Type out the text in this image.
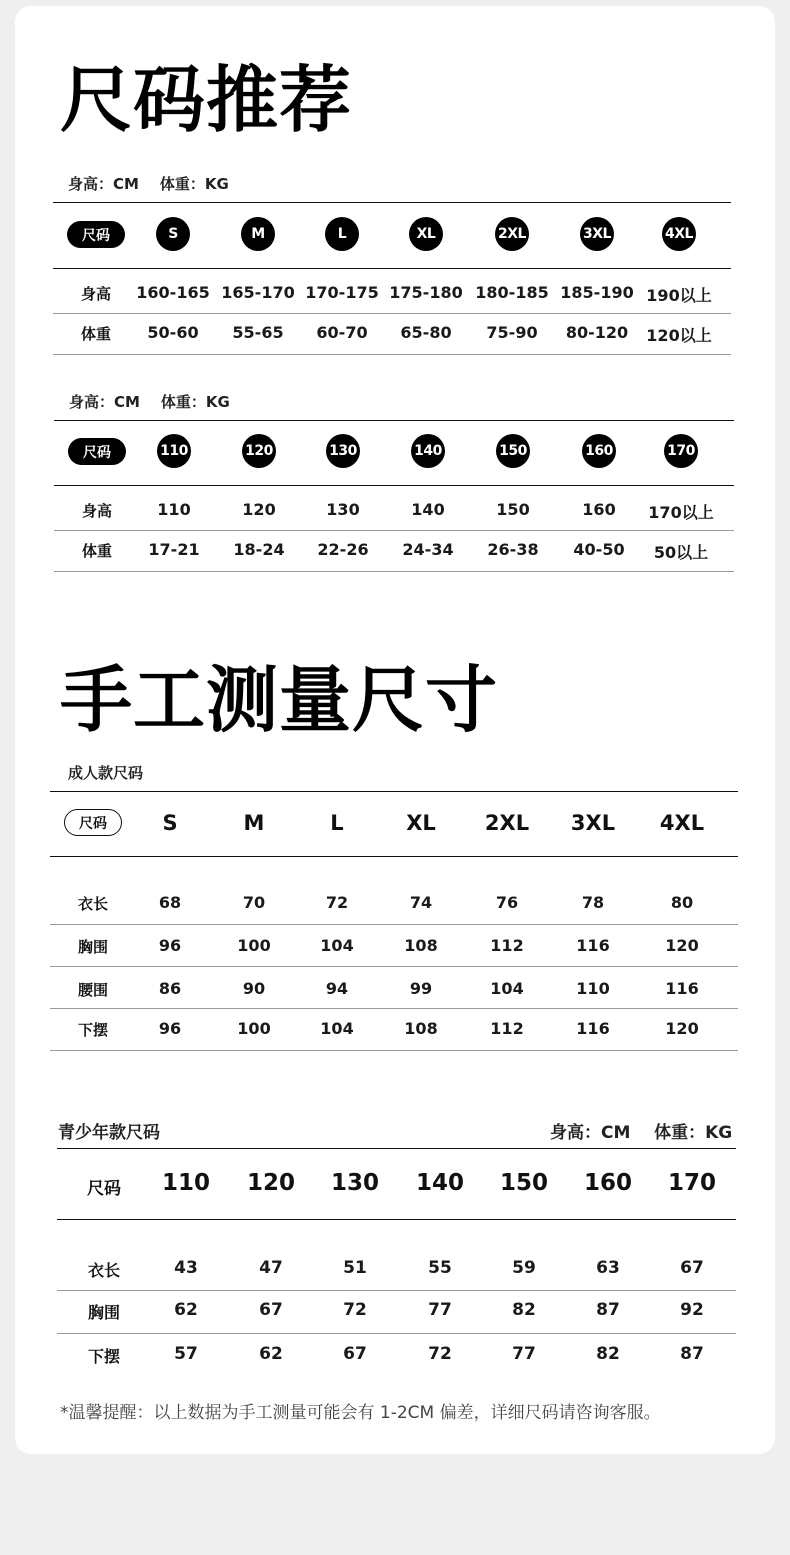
尺码推荐
身高：CM    体重：KG
尺码	S	M	L	XL	2XL	3XL	4XL
身高 160-165 165-170 170-175 175-180 180-185 185-190 190以上
体重 50-60 55-65 60-70 65-80 75-90 80-120 120以上
身高：CM    体重：KG
尺码	110	120	130	140	150	160	170
身高	110	120	130	140	150	160 170以上
体重 17-21 18-24 22-26 24-34 26-38 40-50 50以上
手工测量尺寸
成人款尺码
尺码	S	M	L	XL 2XL 3XL 4XL
衣长	68	70	72	74	76	78	80
胸围	96	100	104	108	112	116	120
腰围	86	90	94	99	104	110	116
下摆	96	100	104	108	112	116	120
青少年款尺码	身高：CM    体重：KG
尺码 110 120 130 140 150 160 170
衣长	43	47	51	55	59	63	67
胸围	62	67	72	77	82	87	92
下摆	57	62	67	72	77	82	87
*温馨提醒：以上数据为手工测量可能会有 1-2CM 偏差，详细尺码请咨询客服。
